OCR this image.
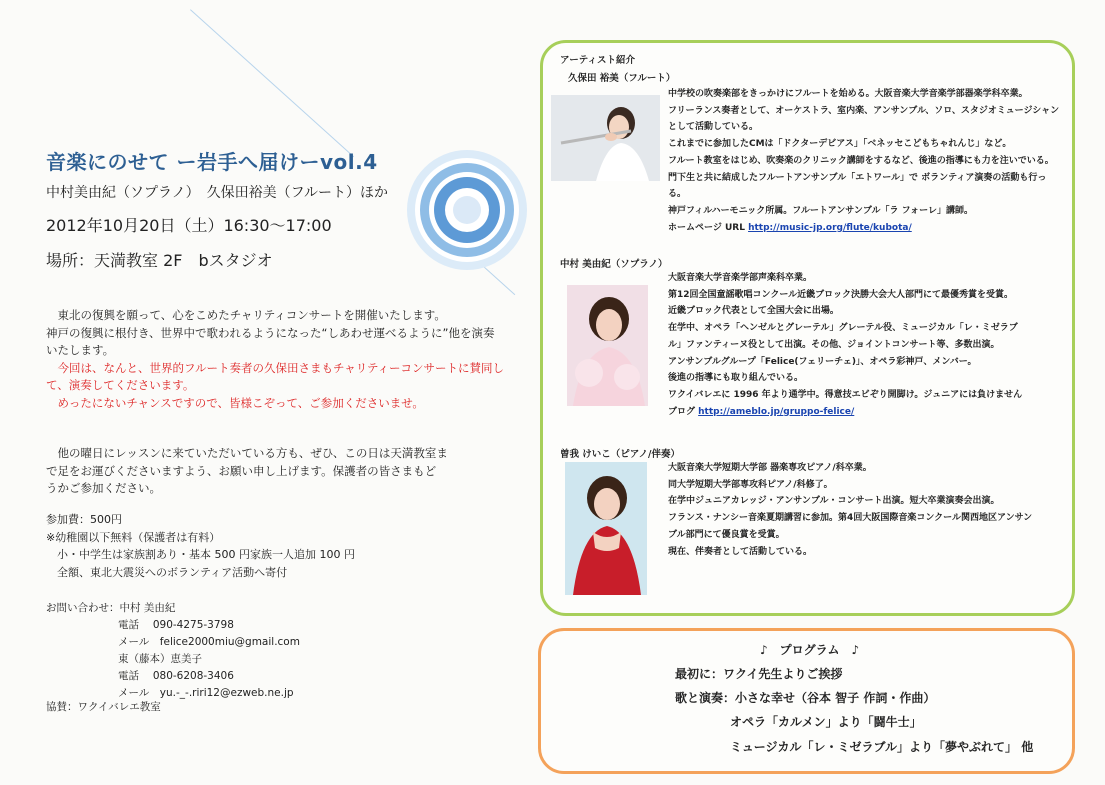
音楽にのせて ー岩手へ届けーvol.4
中村美由紀（ソプラノ）　久保田裕美（フルート）ほか
2012年10月20日（土）16:30～17:00
場所：天満教室 2F　bスタジオ

　東北の復興を願って、心をこめたチャリティコンサートを開催いたします。

神戸の復興に根付き、世界中で歌われるようになった“しあわせ運べるように”他を演奏

いたします。

　今回は、なんと、世界的フルート奏者の久保田さまもチャリティーコンサートに賛同し

て、演奏してくださいます。

　めったにないチャンスですので、皆様こぞって、ご参加くださいませ。

　他の曜日にレッスンに来ていただいている方も、ぜひ、この日は天満教室ま

で足をお運びくださいますよう、お願い申し上げます。保護者の皆さまもど

うかご参加ください。

参加費：500円
※幼稚園以下無料（保護者は有料）
　小・中学生は家族割あり・基本 500 円家族一人追加 100 円
　全額、東北大震災へのボランティア活動へ寄付
お問い合わせ：中村 美由紀
電話　 090-4275-3798
メール　felice2000miu@gmail.com
東（藤本）恵美子
電話　 080-6208-3406
メール　yu.-_-.riri12@ezweb.ne.jp
協賛：ワクイバレエ教室
アーティスト紹介
久保田 裕美（フルート）
中学校の吹奏楽部をきっかけにフルートを始める。大阪音楽大学音楽学部器楽学科卒業。
フリーランス奏者として、オーケストラ、室内楽、アンサンブル、ソロ、スタジオミュージシャン
として活動している。
これまでに参加したCMは「ドクターデビアス」「ベネッセこどもちゃれんじ」など。
フルート教室をはじめ、吹奏楽のクリニック講師をするなど、後進の指導にも力を注いでいる。
門下生と共に結成したフルートアンサンブル「エトワール」で ボランティア演奏の活動も行っ
る。
神戸フィルハーモニック所属。フルートアンサンブル「ラ フォーレ」講師。
ホームページ URL http://music-jp.org/flute/kubota/
中村 美由紀（ソプラノ）
大阪音楽大学音楽学部声楽科卒業。
第12回全国童謡歌唱コンクール近畿ブロック決勝大会大人部門にて最優秀賞を受賞。
近畿ブロック代表として全国大会に出場。
在学中、オペラ「ヘンゼルとグレーテル」グレーテル役、ミュージカル「レ・ミゼラブ
ル」ファンティーヌ役として出演。その他、ジョイントコンサート等、多数出演。
アンサンブルグループ「Felice(フェリーチェ)」、オペラ彩神戸、メンバー。
後進の指導にも取り組んでいる。
ワクイバレエに 1996 年より通学中。得意技エビぞり開脚け。ジュニアには負けません
ブログ http://ameblo.jp/gruppo-felice/
曽我 けいこ（ピアノ/伴奏）
大阪音楽大学短期大学部 器楽専攻ピアノ/科卒業。
同大学短期大学部専攻科ピアノ/科修了。
在学中ジュニアカレッジ・アンサンブル・コンサート出演。短大卒業演奏会出演。
フランス・ナンシー音楽夏期講習に参加。第4回大阪国際音楽コンクール関西地区アンサン
ブル部門にて優良賞を受賞。
現在、伴奏者として活動している。
♪　プログラム　♪
最初に：ワクイ先生よりご挨拶
歌と演奏：小さな幸せ（谷本 智子 作詞・作曲）
オペラ「カルメン」より「闘牛士」
ミュージカル「レ・ミゼラブル」より「夢やぶれて」 他
